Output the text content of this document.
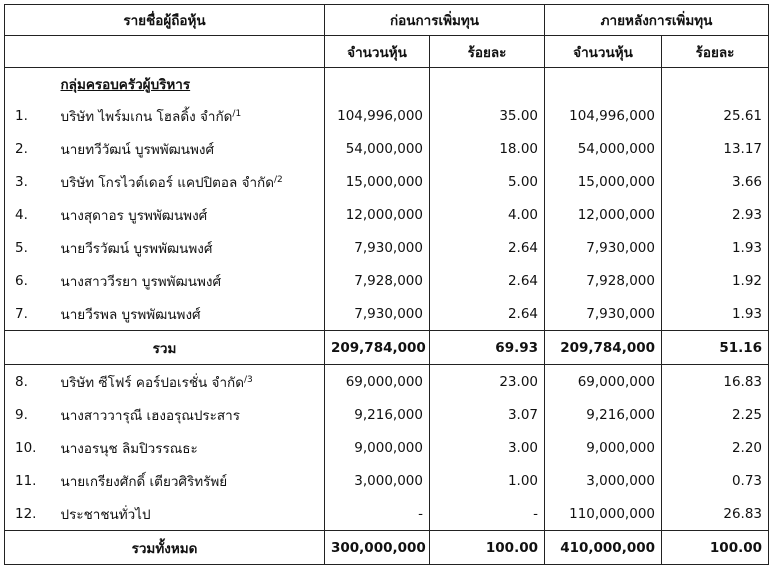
รายชื่อผู้ถือหุ้น		ก่อนการเพิ่มทุน		ภายหลังการเพิ่มทุน	
		จำนวนหุ้น	ร้อยละ	จำนวนหุ้น	ร้อยละ
	กลุ่มครอบครัวผู้บริหาร				
1.	บริษัท ไพร์มเกน โฮลดิ้ง จำกัด$^{/1}$	104,996,000	35.00	104,996,000	25.61
2.	นายทวีวัฒน์ บูรพพัฒนพงศ์	54,000,000	18.00	54,000,000	13.17
3.	บริษัท โกรไวต์เดอร์ แคปปิตอล จำกัด$^{/2}$	15,000,000	5.00	15,000,000	3.66
4.	นางสุดาอร บูรพพัฒนพงศ์	12,000,000	4.00	12,000,000	2.93
5.	นายวีรวัฒน์ บูรพพัฒนพงศ์	7,930,000	2.64	7,930,000	1.93
6.	นางสาววีรยา บูรพพัฒนพงศ์	7,928,000	2.64	7,928,000	1.92
7.	นายวีรพล บูรพพัฒนพงศ์	7,930,000	2.64	7,930,000	1.93
รวม		209,784,000	69.93	209,784,000	51.16
8.	บริษัท ซีโฟร์ คอร์ปอเรชั่น จำกัด$^{/3}$	69,000,000	23.00	69,000,000	16.83
9.	นางสาววารุณี เฮงอรุณประสาร	9,216,000	3.07	9,216,000	2.25
10.	นางอรนุช ลิมปิวรรณธะ	9,000,000	3.00	9,000,000	2.20
11.	นายเกรียงศักดิ์ เตียวศิริทรัพย์	3,000,000	1.00	3,000,000	0.73
12.	ประชาชนทั่วไป	-	-	110,000,000	26.83
รวมทั้งหมด		300,000,000	100.00	410,000,000	100.00
